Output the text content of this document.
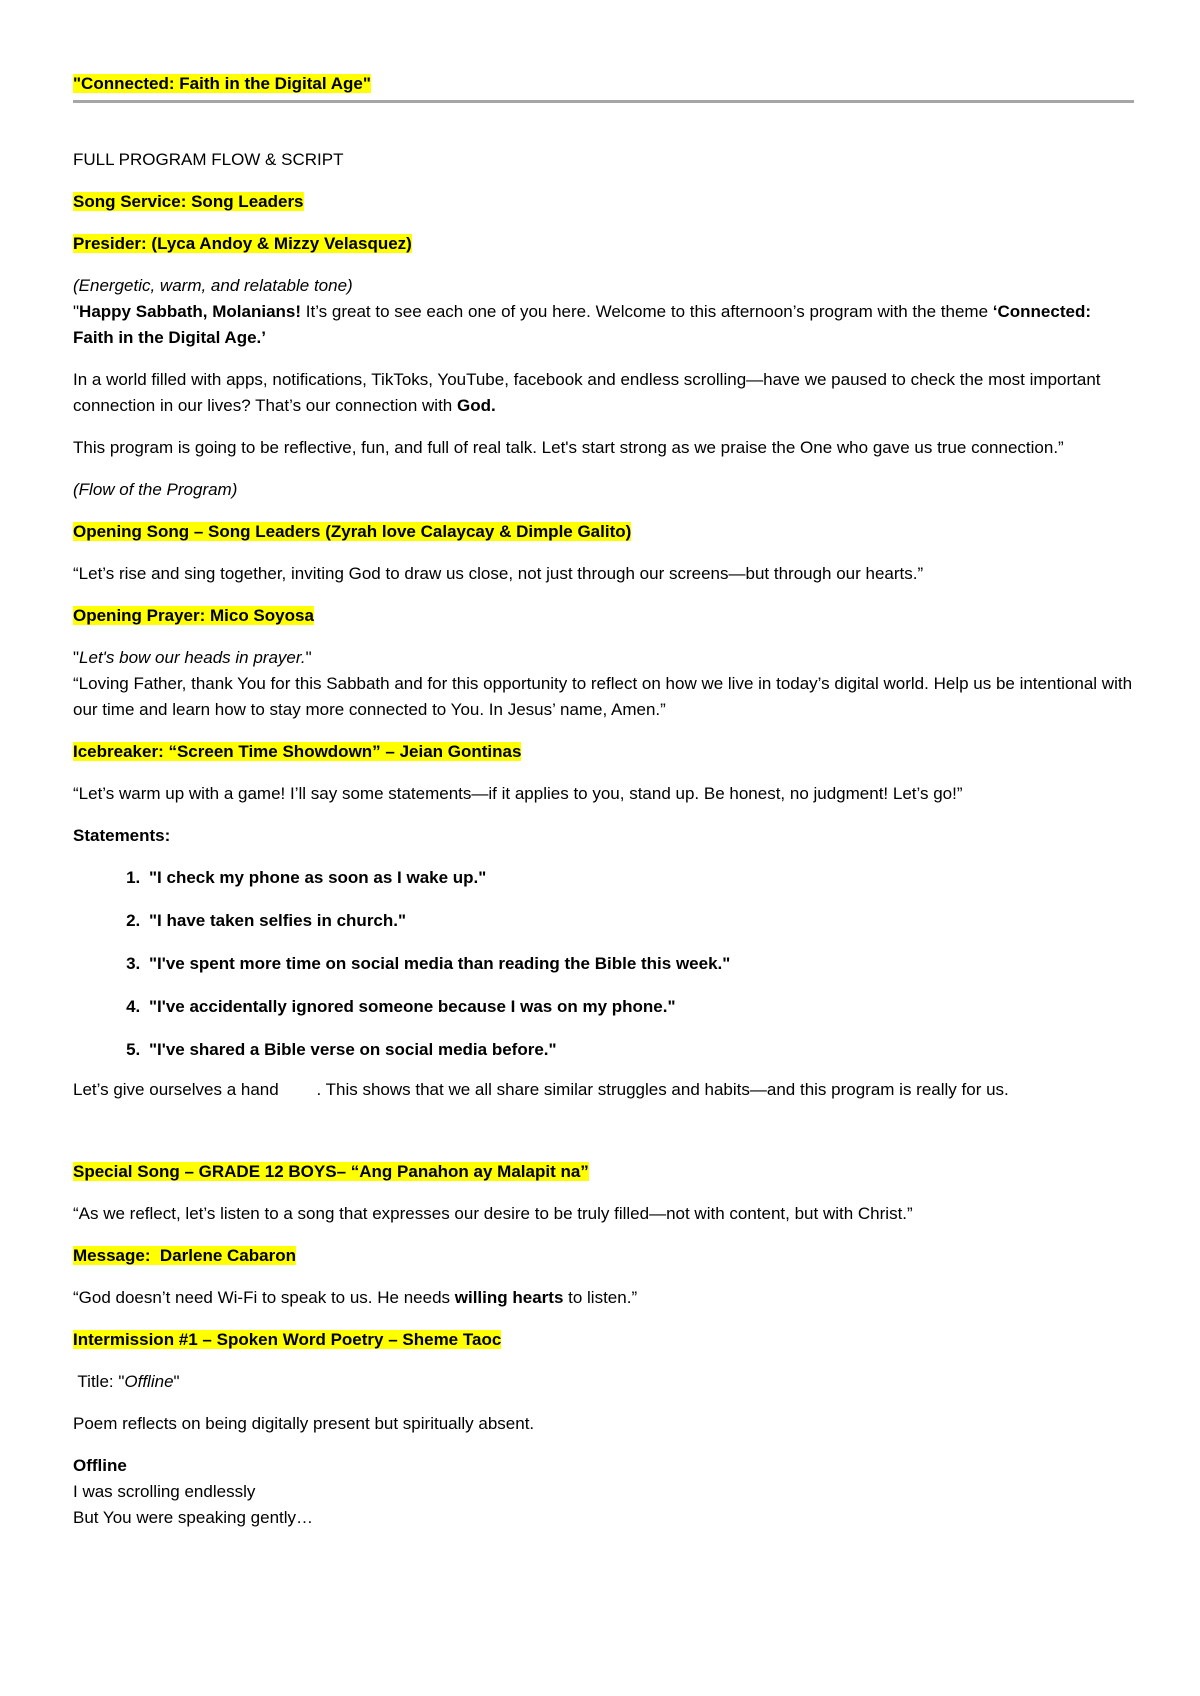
"Connected: Faith in the Digital Age"

FULL PROGRAM FLOW & SCRIPT

Song Service: Song Leaders

Presider: (Lyca Andoy & Mizzy Velasquez)

(Energetic, warm, and relatable tone)

"Happy Sabbath, Molanians! It’s great to see each one of you here. Welcome to this afternoon’s program with the theme ‘Connected: Faith in the Digital Age.’

In a world filled with apps, notifications, TikToks, YouTube, facebook and endless scrolling—have we paused to check the most important connection in our lives? That’s our connection with God.

This program is going to be reflective, fun, and full of real talk. Let's start strong as we praise the One who gave us true connection.”

(Flow of the Program)

Opening Song – Song Leaders (Zyrah love Calaycay & Dimple Galito)

“Let’s rise and sing together, inviting God to draw us close, not just through our screens—but through our hearts.”

Opening Prayer: Mico Soyosa

"Let's bow our heads in prayer."

“Loving Father, thank You for this Sabbath and for this opportunity to reflect on how we live in today’s digital world. Help us be intentional with our time and learn how to stay more connected to You. In Jesus’ name, Amen.”

Icebreaker: “Screen Time Showdown” – Jeian Gontinas

“Let’s warm up with a game! I’ll say some statements—if it applies to you, stand up. Be honest, no judgment! Let’s go!”

Statements:

1. "I check my phone as soon as I wake up."
2. "I have taken selfies in church."
3. "I've spent more time on social media than reading the Bible this week."
4. "I've accidentally ignored someone because I was on my phone."
5. "I've shared a Bible verse on social media before."

Let’s give ourselves a hand        . This shows that we all share similar struggles and habits—and this program is really for us.

Special Song – GRADE 12 BOYS– “Ang Panahon ay Malapit na”

“As we reflect, let’s listen to a song that expresses our desire to be truly filled—not with content, but with Christ.”

Message:  Darlene Cabaron

“God doesn’t need Wi-Fi to speak to us. He needs willing hearts to listen.”

Intermission #1 – Spoken Word Poetry – Sheme Taoc

Title: "Offline"

Poem reflects on being digitally present but spiritually absent.

Offline

I was scrolling endlessly

But You were speaking gently…
